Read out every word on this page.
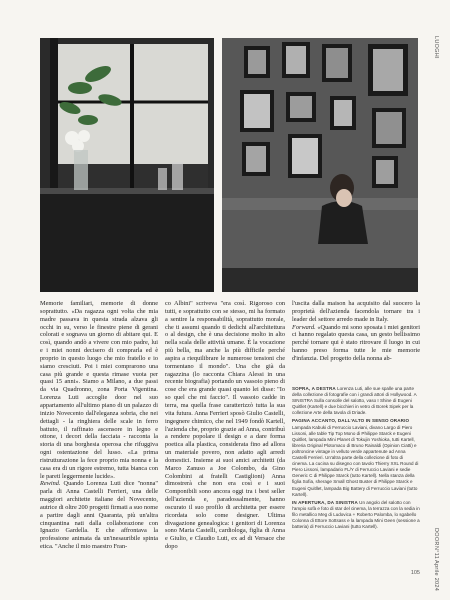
LUOGHI
DOOR
N°11
Aprile 2024

Memorie familiari, memorie di donne soprattutto. «Da ragazza ogni volta che mia madre passava in questa strada alzava gli occhi in su, verso le finestre piene di gerani colorati e sognava un giorno di abitare qui. E così, quando andò a vivere con mio padre, lui e i miei nonni decisero di comprarla ed è proprio in questo luogo che mio fratello e io siamo cresciuti. Poi i miei comprarono una casa più grande e questa rimase vuota per quasi 15 anni». Siamo a Milano, a due passi da via Quadronno, zona Porta Vigentina. Lorenza Luti accoglie door nel suo appartamento all'ultimo piano di un palazzo di inizio Novecento dall'eleganza sobria, che nei dettagli - la ringhiera delle scale in ferro battuto, il raffinato ascensore in legno e ottone, i decori della facciata - racconta la storia di una borghesia operosa che rifuggiva ogni ostentazione del lusso. «La prima ristrutturazione la fece proprio mia nonna e la casa era di un rigore estremo, tutta bianca con le pareti leggermente lucide».

Rewind. Quando Lorenza Luti dice "nonna" parla di Anna Castelli Ferrieri, una delle maggiori architette italiane del Novecento, autrice di oltre 200 progetti firmati a suo nome a partire dagli anni Quaranta, più un'altra cinquantina nati dalla collaborazione con Ignazio Gardella. E che affrontava la professione animata da un'inesauribile spinta etica. "Anche il mio maestro Fran-

co Albini" scriveva "era così. Rigoroso con tutti, e soprattutto con se stesso, mi ha formato a sentire la responsabilità, soprattutto morale, che ti assumi quando ti dedichi all'architettura o al design, che è una decisione molto in alto nella scala delle attività umane. È la vocazione più bella, ma anche la più difficile perché aspira a riequilibrare le numerose tensioni che tormentano il mondo". Una che già da ragazzina (lo racconta Chiara Alessi in una recente biografia) portando un vassoio pieno di cose che era grande quasi quanto lei disse: "Io so quel che mi faccio". Il vassoio cadde in terra, ma quella frase caratterizzò tutta la sua vita futura. Anna Ferrieri sposò Giulio Castelli, ingegnere chimico, che nel 1949 fondò Kartell, l'azienda che, proprio grazie ad Anna, contribuì a rendere popolare il design e a dare forma poetica alla plastica, considerata fino ad allora un materiale povero, non adatto agli arredi domestici. Insieme ai suoi amici architetti (da Marco Zanuso a Joe Colombo, da Gino Colombini ai fratelli Castiglioni) Anna dimostrerà che non era così e i suoi Componibili sono ancora oggi tra i best seller dell'azienda e, paradossalmente, hanno oscurato il suo profilo di architetta per essere ricordata solo come designer. Ultima divagazione genealogica: i genitori di Lorenza sono Maria Castelli, cardiologa, figlia di Anna e Giulio, e Claudio Luti, ex ad di Versace che dopo

l'uscita dalla maison ha acquisito dal suocero la proprietà dell'azienda facendola tornare tra i leader del settore arredo made in Italy.

Forward. «Quando mi sono sposata i miei genitori ci hanno regalato questa casa, un gesto bellissimo perché tornare qui è stato ritrovare il luogo in cui hanno preso forma tutte le mie memorie d'infanzia. Del progetto della nonna ab-

SOPRA, A DESTRA Lorenza Luti, alle sue spalle una parte della collezione di fotografie con i grandi attori di Hollywood. A SINISTRA Sulla consolle del salotto, vaso I Shine di Eugeni Quitllet (Kartell) e due bicchieri in vetro di Borek Sipek per la collezione Arte della tavola di Driade.

PAGINA ACCANTO, DALL'ALTO IN SENSO ORARIO Lampada Kabuki di Ferruccio Laviani, divano Largo di Piero Lissoni, alle table Tip Top Mono di Philippe Starck e Eugeni Quitllet, lampada Mini Planet di Tokujin Yoshioka, tutti Kartell, libreria Original Plotomaco di Bruno Rainaldi (Opinion Ciatti) e poltroncine vintage in velluto verde appartenute ad Anna Castelli Ferrieri. Un'altra parte della collezione di foto di cinema. La cucina su disegno con tavolo Thierry XXL Round di Piero Lissoni, lampadario FL/Y di Ferruccio Laviani e sedie Generic C di Philippe Starck (tutto Kartell). Nella stanza della figlia Sofia, sherage Small Ghost Buster di Philippe Starck e Eugeni Quitllet, lampada Big Battery di Ferruccio Laviani (tutto Kartell).

IN APERTURA, DA SINISTRA Un angolo del salotto con l'ampio sofà e foto di star del cinema, la terrazza con la sedia in filo metallico Meg di Ludovica + Roberto Palomba, lo sgabello Colonna di Ettore Sottsass e la lampada Mini Geen (sessione a batteria) di Ferruccio Laviani (tutto Kartell).

105
